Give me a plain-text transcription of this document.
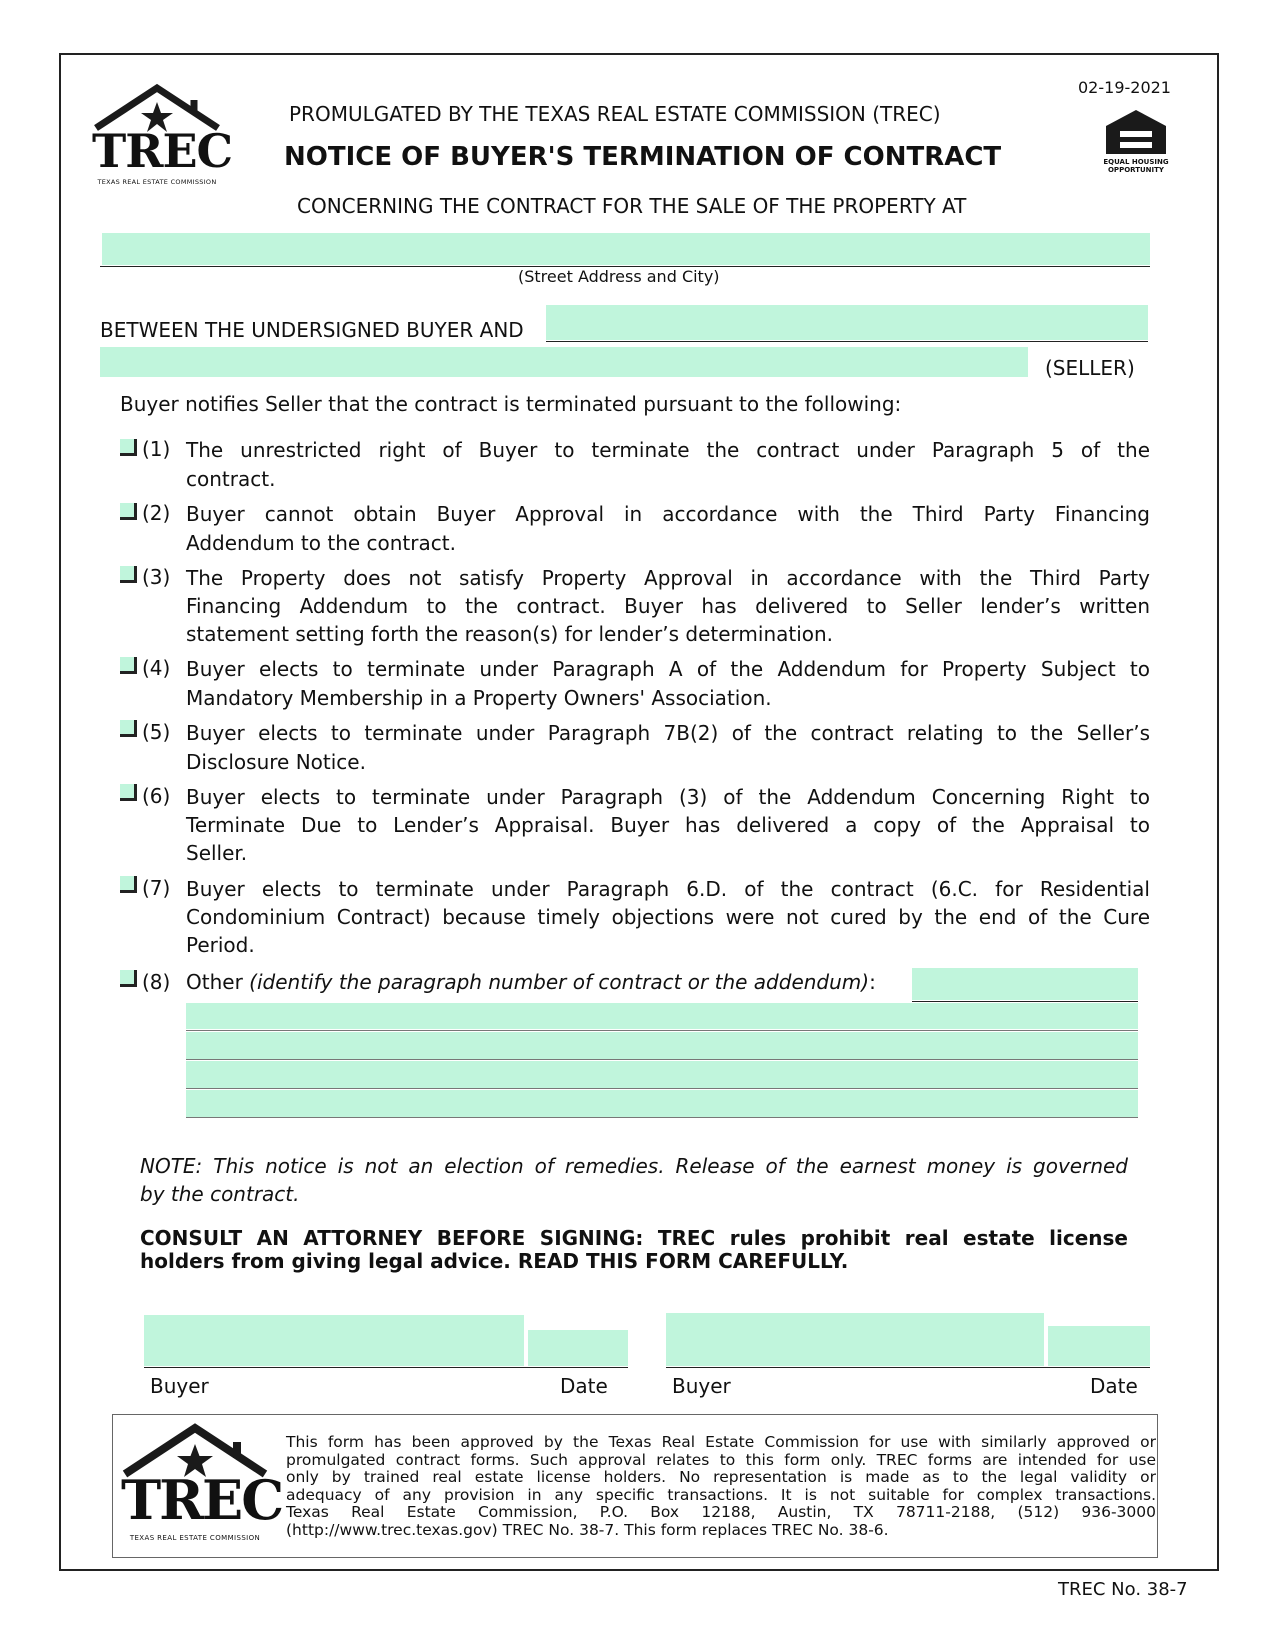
TREC
TEXAS REAL ESTATE COMMISSION
02-19-2021
PROMULGATED BY THE TEXAS REAL ESTATE COMMISSION (TREC)
NOTICE OF BUYER'S TERMINATION OF CONTRACT
CONCERNING THE CONTRACT FOR THE SALE OF THE PROPERTY AT
EQUAL HOUSING
OPPORTUNITY
(Street Address and City)
BETWEEN THE UNDERSIGNED BUYER AND
(SELLER)
Buyer notifies Seller that the contract is terminated pursuant to the following:
(1) The unrestricted right of Buyer to terminate the contract under Paragraph 5 of the
contract.
(2) Buyer cannot obtain Buyer Approval in accordance with the Third Party Financing
Addendum to the contract.
(3) The Property does not satisfy Property Approval in accordance with the Third Party
Financing Addendum to the contract. Buyer has delivered to Seller lender’s written
statement setting forth the reason(s) for lender’s determination.
(4) Buyer elects to terminate under Paragraph A of the Addendum for Property Subject to
Mandatory Membership in a Property Owners' Association.
(5) Buyer elects to terminate under Paragraph 7B(2) of the contract relating to the Seller’s
Disclosure Notice.
(6) Buyer elects to terminate under Paragraph (3) of the Addendum Concerning Right to
Terminate Due to Lender’s Appraisal. Buyer has delivered a copy of the Appraisal to
Seller.
(7) Buyer elects to terminate under Paragraph 6.D. of the contract (6.C. for Residential
Condominium Contract) because timely objections were not cured by the end of the Cure
Period.
(8) Other (identify the paragraph number of contract or the addendum):
NOTE: This notice is not an election of remedies. Release of the earnest money is governed
by the contract.
CONSULT AN ATTORNEY BEFORE SIGNING: TREC rules prohibit real estate license
holders from giving legal advice. READ THIS FORM CAREFULLY.
Buyer	Date	Buyer	Date
TREC
TEXAS REAL ESTATE COMMISSION
This form has been approved by the Texas Real Estate Commission for use with similarly approved or
promulgated contract forms. Such approval relates to this form only. TREC forms are intended for use
only by trained real estate license holders. No representation is made as to the legal validity or
adequacy of any provision in any specific transactions. It is not suitable for complex transactions.
Texas Real Estate Commission, P.O. Box 12188, Austin, TX 78711-2188, (512) 936-3000
(http://www.trec.texas.gov) TREC No. 38-7. This form replaces TREC No. 38-6.
TREC No. 38-7
